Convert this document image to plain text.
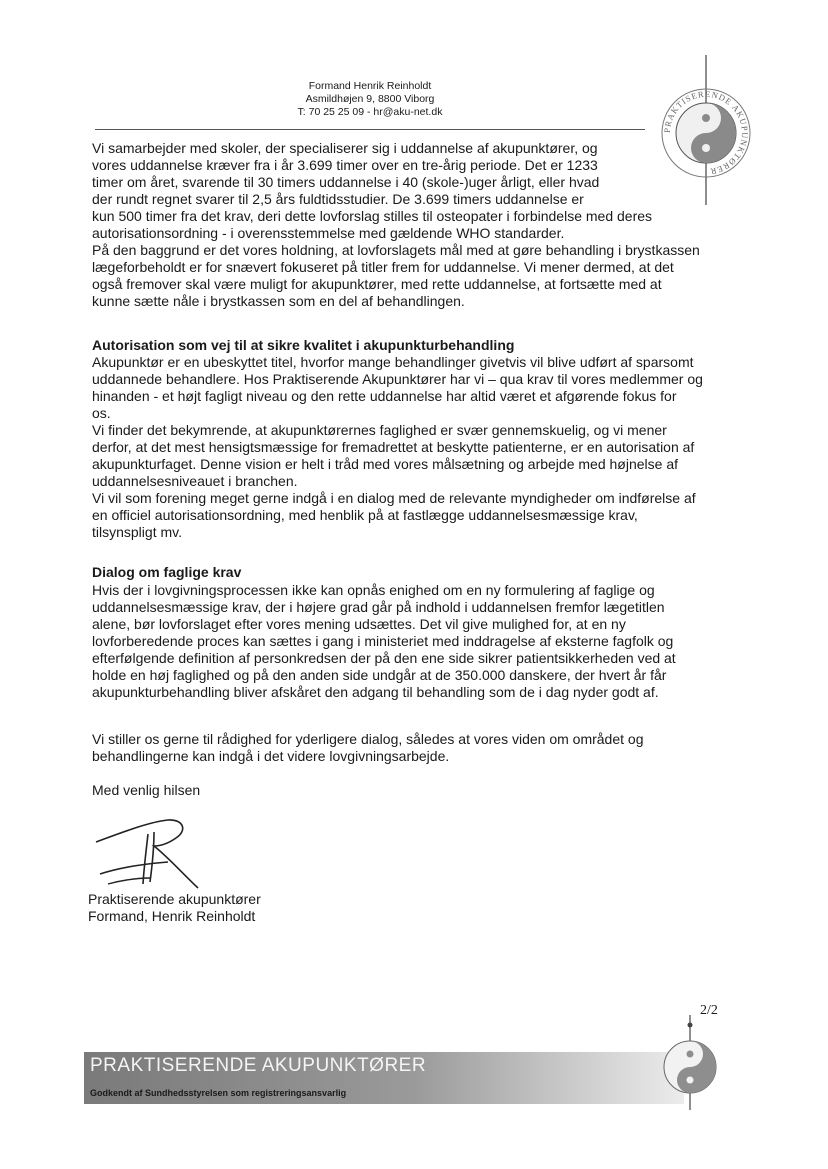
Formand Henrik Reinholdt
Asmildhøjen 9, 8800 Viborg
T: 70 25 25 09 - hr@aku-net.dk
PRAKTISERENDE AKUPUNKTØRER
Vi samarbejder med skoler, der specialiserer sig i uddannelse af akupunktører, og
vores uddannelse kræver fra i år 3.699 timer over en tre-årig periode. Det er 1233
timer om året, svarende til 30 timers uddannelse i 40 (skole-)uger årligt, eller hvad
der rundt regnet svarer til 2,5 års fuldtidsstudier. De 3.699 timers uddannelse er
kun 500 timer fra det krav, deri dette lovforslag stilles til osteopater i forbindelse med deres
autorisationsordning - i overensstemmelse med gældende WHO standarder.
På den baggrund er det vores holdning, at lovforslagets mål med at gøre behandling i brystkassen
lægeforbeholdt er for snævert fokuseret på titler frem for uddannelse. Vi mener dermed, at det
også fremover skal være muligt for akupunktører, med rette uddannelse, at fortsætte med at
kunne sætte nåle i brystkassen som en del af behandlingen.
Autorisation som vej til at sikre kvalitet i akupunkturbehandling
Akupunktør er en ubeskyttet titel, hvorfor mange behandlinger givetvis vil blive udført af sparsomt
uddannede behandlere. Hos Praktiserende Akupunktører har vi – qua krav til vores medlemmer og
hinanden - et højt fagligt niveau og den rette uddannelse har altid været et afgørende fokus for
os.
Vi finder det bekymrende, at akupunktørernes faglighed er svær gennemskuelig, og vi mener
derfor, at det mest hensigtsmæssige for fremadrettet at beskytte patienterne, er en autorisation af
akupunkturfaget. Denne vision er helt i tråd med vores målsætning og arbejde med højnelse af
uddannelsesniveauet i branchen.
Vi vil som forening meget gerne indgå i en dialog med de relevante myndigheder om indførelse af
en officiel autorisationsordning, med henblik på at fastlægge uddannelsesmæssige krav,
tilsynspligt mv.
Dialog om faglige krav
Hvis der i lovgivningsprocessen ikke kan opnås enighed om en ny formulering af faglige og
uddannelsesmæssige krav, der i højere grad går på indhold i uddannelsen fremfor lægetitlen
alene, bør lovforslaget efter vores mening udsættes. Det vil give mulighed for, at en ny
lovforberedende proces kan sættes i gang i ministeriet med inddragelse af eksterne fagfolk og
efterfølgende definition af personkredsen der på den ene side sikrer patientsikkerheden ved at
holde en høj faglighed og på den anden side undgår at de 350.000 danskere, der hvert år får
akupunkturbehandling bliver afskåret den adgang til behandling som de i dag nyder godt af.
Vi stiller os gerne til rådighed for yderligere dialog, således at vores viden om området og
behandlingerne kan indgå i det videre lovgivningsarbejde.
Med venlig hilsen
Praktiserende akupunktører
Formand, Henrik Reinholdt
2/2
PRAKTISERENDE AKUPUNKTØRER
Godkendt af Sundhedsstyrelsen som registreringsansvarlig
